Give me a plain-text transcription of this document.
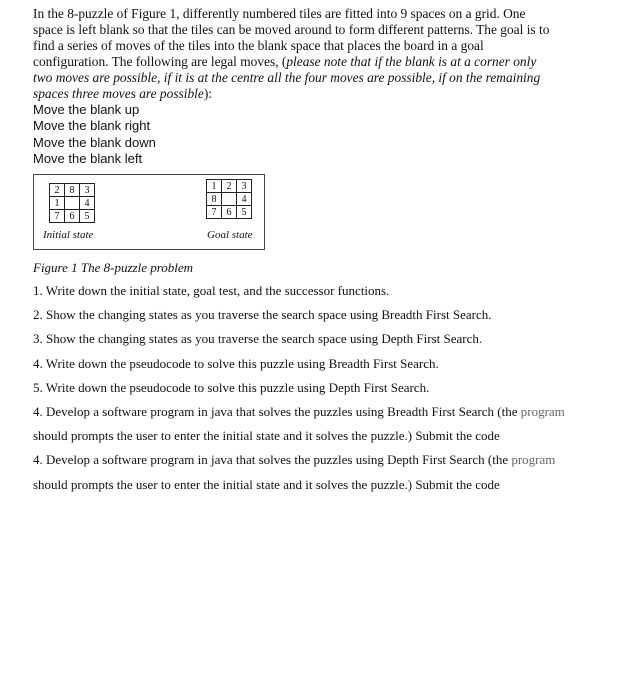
In the 8-puzzle of Figure 1, differently numbered tiles are fitted into 9 spaces on a grid. One
space is left blank so that the tiles can be moved around to form different patterns. The goal is to
find a series of moves of the tiles into the blank space that places the board in a goal
configuration. The following are legal moves, (please note that if the blank is at a corner only
two moves are possible, if it is at the centre all the four moves are possible, if on the remaining
spaces three moves are possible):
Move the blank up
Move the blank right
Move the blank down
Move the blank left
2	8	3
1		4
7	6	5
Initial state
1	2	3
8		4
7	6	5
Goal state
Figure 1 The 8-puzzle problem
1. Write down the initial state, goal test, and the successor functions.
2. Show the changing states as you traverse the search space using Breadth First Search.
3. Show the changing states as you traverse the search space using Depth First Search.
4. Write down the pseudocode to solve this puzzle using Breadth First Search.
5. Write down the pseudocode to solve this puzzle using Depth First Search.
4. Develop a software program in java that solves the puzzles using Breadth First Search (the program
should prompts the user to enter the initial state and it solves the puzzle.) Submit the code
4. Develop a software program in java that solves the puzzles using Depth First Search (the program
should prompts the user to enter the initial state and it solves the puzzle.) Submit the code
